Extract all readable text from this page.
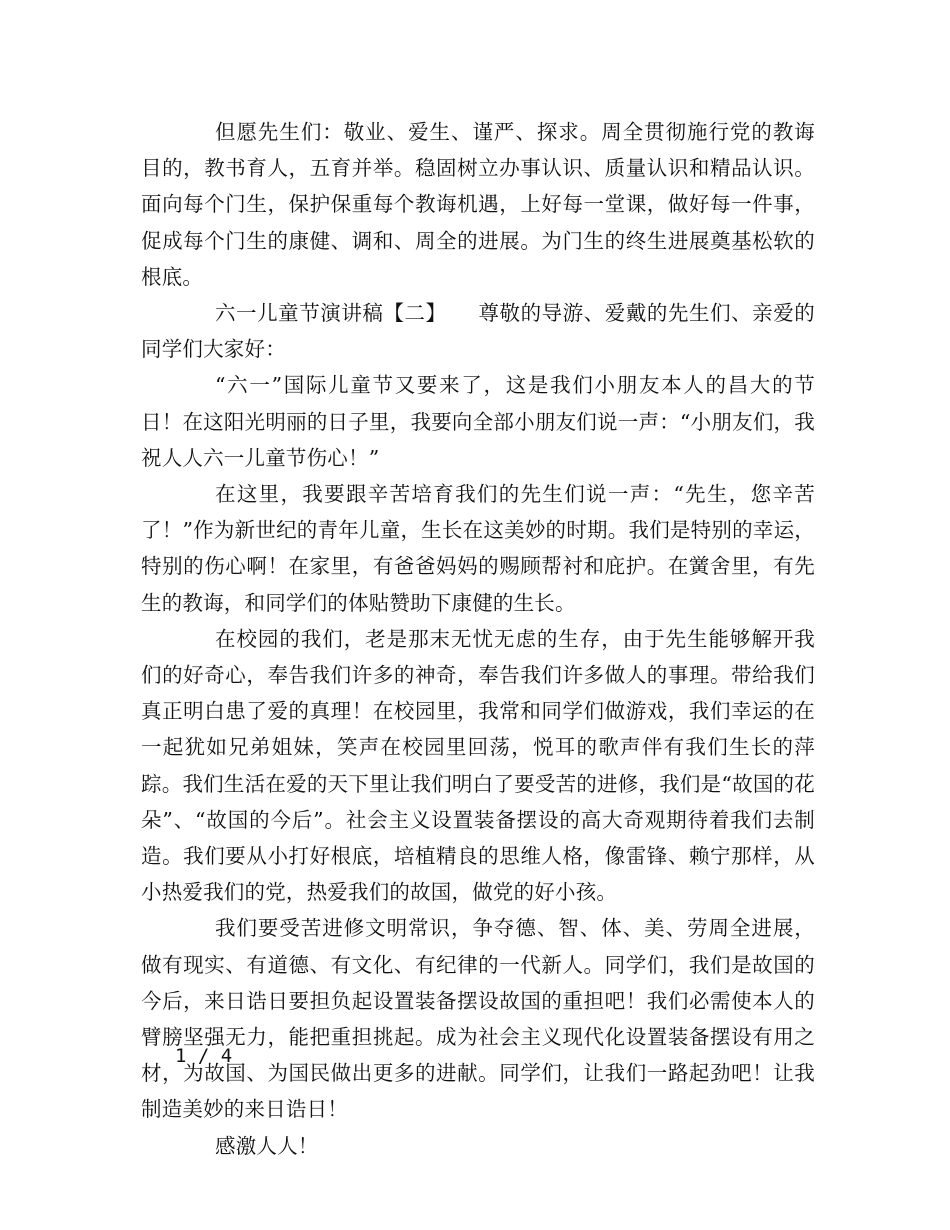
但愿先生们：敬业、爱生、谨严、探求。周全贯彻施行党的教诲目的，教书育人，五育并举。稳固树立办事认识、质量认识和精品认识。面向每个门生，保护保重每个教诲机遇，上好每一堂课，做好每一件事，促成每个门生的康健、调和、周全的进展。为门生的终生进展奠基松软的根底。

六一儿童节演讲稿【二】　　尊敬的导游、爱戴的先生们、亲爱的同学们大家好：

“六一”国际儿童节又要来了，这是我们小朋友本人的昌大的节日！在这阳光明丽的日子里，我要向全部小朋友们说一声：“小朋友们，我祝人人六一儿童节伤心！”

在这里，我要跟辛苦培育我们的先生们说一声：“先生，您辛苦了！”作为新世纪的青年儿童，生长在这美妙的时期。我们是特别的幸运，特别的伤心啊！在家里，有爸爸妈妈的赐顾帮衬和庇护。在黉舍里，有先生的教诲，和同学们的体贴赞助下康健的生长。

在校园的我们，老是那末无忧无虑的生存，由于先生能够解开我们的好奇心，奉告我们许多的神奇，奉告我们许多做人的事理。带给我们真正明白患了爱的真理！在校园里，我常和同学们做游戏，我们幸运的在一起犹如兄弟姐妹，笑声在校园里回荡，悦耳的歌声伴有我们生长的萍踪。我们生活在爱的天下里让我们明白了要受苦的进修，我们是“故国的花朵”、“故国的今后”。社会主义设置装备摆设的高大奇观期待着我们去制造。我们要从小打好根底，培植精良的思维人格，像雷锋、赖宁那样，从小热爱我们的党，热爱我们的故国，做党的好小孩。

我们要受苦进修文明常识，争夺德、智、体、美、劳周全进展，做有现实、有道德、有文化、有纪律的一代新人。同学们，我们是故国的今后，来日诰日要担负起设置装备摆设故国的重担吧！我们必需使本人的臂膀坚强无力，能把重担挑起。成为社会主义现代化设置装备摆设有用之材，为故国、为国民做出更多的进献。同学们，让我们一路起劲吧！让我制造美妙的来日诰日！

感激人人！

1 / 4
